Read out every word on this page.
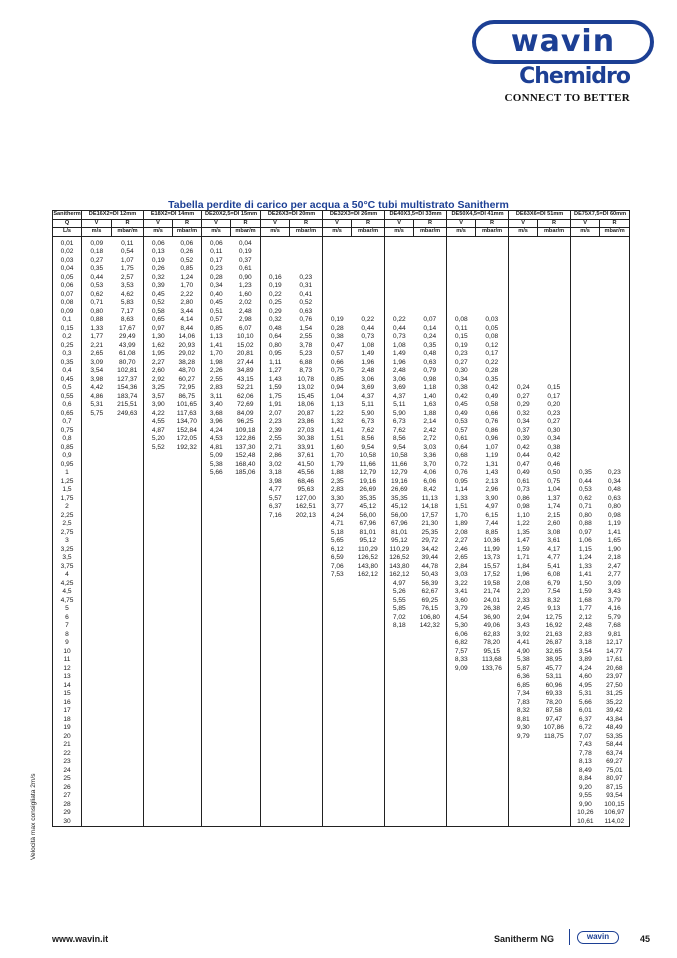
wavin
Chemidro
CONNECT TO BETTER
Tabella perdite di carico per acqua a 50°C tubi multistrato Sanitherm
Sanitherm	DE16X2=DI 12mm		E18X2=DI 14mm		DE20X2,5=DI 15mm		DE26X3=DI 20mm		DE32X3=DI 26mm		DE40X3,5=DI 33mm		DE50X4,5=DI 41mm		DE63X6=DI 51mm		DE75X7,5=DI 60mm	
Q	V	R	V	R	V	R	V	R	V	R	V	R	V	R	V	R	V	R
L/s	m/s	mbar/m	m/s	mbar/m	m/s	mbar/m	m/s	mbar/m	m/s	mbar/m	m/s	mbar/m	m/s	mbar/m	m/s	mbar/m	m/s	mbar/m
0,01	0,09	0,11	0,06	0,06	0,06	0,04												
0,02	0,18	0,54	0,13	0,26	0,11	0,19												
0,03	0,27	1,07	0,19	0,52	0,17	0,37												
0,04	0,35	1,75	0,26	0,85	0,23	0,61												
0,05	0,44	2,57	0,32	1,24	0,28	0,90	0,16	0,23										
0,06	0,53	3,53	0,39	1,70	0,34	1,23	0,19	0,31										
0,07	0,62	4,62	0,45	2,22	0,40	1,60	0,22	0,41										
0,08	0,71	5,83	0,52	2,80	0,45	2,02	0,25	0,52										
0,09	0,80	7,17	0,58	3,44	0,51	2,48	0,29	0,63										
0,1	0,88	8,63	0,65	4,14	0,57	2,98	0,32	0,76	0,19	0,22	0,22	0,07	0,08	0,03				
0,15	1,33	17,67	0,97	8,44	0,85	6,07	0,48	1,54	0,28	0,44	0,44	0,14	0,11	0,05				
0,2	1,77	29,49	1,30	14,06	1,13	10,10	0,64	2,55	0,38	0,73	0,73	0,24	0,15	0,08				
0,25	2,21	43,99	1,62	20,93	1,41	15,02	0,80	3,78	0,47	1,08	1,08	0,35	0,19	0,12				
0,3	2,65	61,08	1,95	29,02	1,70	20,81	0,95	5,23	0,57	1,49	1,49	0,48	0,23	0,17				
0,35	3,09	80,70	2,27	38,28	1,98	27,44	1,11	6,88	0,66	1,96	1,96	0,63	0,27	0,22				
0,4	3,54	102,81	2,60	48,70	2,26	34,89	1,27	8,73	0,75	2,48	2,48	0,79	0,30	0,28				
0,45	3,98	127,37	2,92	60,27	2,55	43,15	1,43	10,78	0,85	3,06	3,06	0,98	0,34	0,35				
0,5	4,42	154,36	3,25	72,95	2,83	52,21	1,59	13,02	0,94	3,69	3,69	1,18	0,38	0,42	0,24	0,15		
0,55	4,86	183,74	3,57	86,75	3,11	62,06	1,75	15,45	1,04	4,37	4,37	1,40	0,42	0,49	0,27	0,17		
0,6	5,31	215,51	3,90	101,65	3,40	72,69	1,91	18,06	1,13	5,11	5,11	1,63	0,45	0,58	0,29	0,20		
0,65	5,75	249,63	4,22	117,63	3,68	84,09	2,07	20,87	1,22	5,90	5,90	1,88	0,49	0,66	0,32	0,23		
0,7			4,55	134,70	3,96	96,25	2,23	23,86	1,32	6,73	6,73	2,14	0,53	0,76	0,34	0,27		
0,75			4,87	152,84	4,24	109,18	2,39	27,03	1,41	7,62	7,62	2,42	0,57	0,86	0,37	0,30		
0,8			5,20	172,05	4,53	122,86	2,55	30,38	1,51	8,56	8,56	2,72	0,61	0,96	0,39	0,34		
0,85			5,52	192,32	4,81	137,30	2,71	33,91	1,60	9,54	9,54	3,03	0,64	1,07	0,42	0,38		
0,9					5,09	152,48	2,86	37,61	1,70	10,58	10,58	3,36	0,68	1,19	0,44	0,42		
0,95					5,38	168,40	3,02	41,50	1,79	11,66	11,66	3,70	0,72	1,31	0,47	0,46		
1					5,66	185,06	3,18	45,56	1,88	12,79	12,79	4,06	0,76	1,43	0,49	0,50	0,35	0,23
1,25							3,98	68,46	2,35	19,16	19,16	6,06	0,95	2,13	0,61	0,75	0,44	0,34
1,5							4,77	95,63	2,83	26,69	26,69	8,42	1,14	2,96	0,73	1,04	0,53	0,48
1,75							5,57	127,00	3,30	35,35	35,35	11,13	1,33	3,90	0,86	1,37	0,62	0,63
2							6,37	162,51	3,77	45,12	45,12	14,18	1,51	4,97	0,98	1,74	0,71	0,80
2,25							7,16	202,13	4,24	56,00	56,00	17,57	1,70	6,15	1,10	2,15	0,80	0,98
2,5									4,71	67,96	67,96	21,30	1,89	7,44	1,22	2,60	0,88	1,19
2,75									5,18	81,01	81,01	25,35	2,08	8,85	1,35	3,08	0,97	1,41
3									5,65	95,12	95,12	29,72	2,27	10,36	1,47	3,61	1,06	1,65
3,25									6,12	110,29	110,29	34,42	2,46	11,99	1,59	4,17	1,15	1,90
3,5									6,59	126,52	126,52	39,44	2,65	13,73	1,71	4,77	1,24	2,18
3,75									7,06	143,80	143,80	44,78	2,84	15,57	1,84	5,41	1,33	2,47
4									7,53	162,12	162,12	50,43	3,03	17,52	1,96	6,08	1,41	2,77
4,25											4,97	56,39	3,22	19,58	2,08	6,79	1,50	3,09
4,5											5,26	62,67	3,41	21,74	2,20	7,54	1,59	3,43
4,75											5,55	69,25	3,60	24,01	2,33	8,32	1,68	3,79
5											5,85	76,15	3,79	26,38	2,45	9,13	1,77	4,16
6											7,02	106,80	4,54	36,90	2,94	12,75	2,12	5,79
7											8,18	142,32	5,30	49,06	3,43	16,92	2,48	7,68
8													6,06	62,83	3,92	21,63	2,83	9,81
9													6,82	78,20	4,41	26,87	3,18	12,17
10													7,57	95,15	4,90	32,65	3,54	14,77
11													8,33	113,68	5,38	38,95	3,89	17,61
12													9,09	133,76	5,87	45,77	4,24	20,68
13															6,36	53,11	4,60	23,97
14															6,85	60,96	4,95	27,50
15															7,34	69,33	5,31	31,25
16															7,83	78,20	5,66	35,22
17															8,32	87,58	6,01	39,42
18															8,81	97,47	6,37	43,84
19															9,30	107,86	6,72	48,49
20															9,79	118,75	7,07	53,35
21																	7,43	58,44
22																	7,78	63,74
23																	8,13	69,27
24																	8,49	75,01
25																	8,84	80,97
26																	9,20	87,15
27																	9,55	93,54
28																	9,90	100,15
29																	10,26	106,97
30																	10,61	114,02
Velocità max consigliata 2m/s
www.wavin.it	Sanitherm NG	wavin	45
